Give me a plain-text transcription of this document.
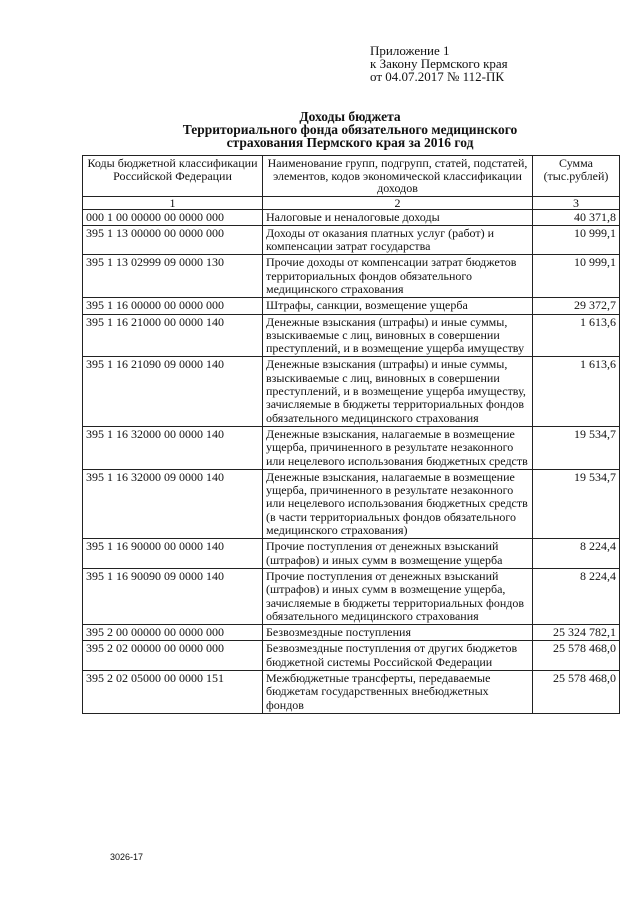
Приложение 1
к Закону Пермского края
от 04.07.2017 № 112-ПК
Доходы бюджета
Территориального фонда обязательного медицинского
страхования Пермского края за 2016 год
Коды бюджетной классификации Российской Федерации	Наименование групп, подгрупп, статей, подстатей, элементов, кодов экономической классификации доходов	Сумма (тыс.рублей)
1	2	3
000 1 00 00000 00 0000 000	Налоговые и неналоговые доходы	40 371,8
395 1 13 00000 00 0000 000	Доходы от оказания платных услуг (работ) и компенсации затрат государства	10 999,1
395 1 13 02999 09 0000 130	Прочие доходы от компенсации затрат бюджетов территориальных фондов обязательного медицинского страхования	10 999,1
395 1 16 00000 00 0000 000	Штрафы, санкции, возмещение ущерба	29 372,7
395 1 16 21000 00 0000 140	Денежные взыскания (штрафы) и иные суммы, взыскиваемые с лиц, виновных в совершении преступлений, и в возмещение ущерба имуществу	1 613,6
395 1 16 21090 09 0000 140	Денежные взыскания (штрафы) и иные суммы, взыскиваемые с лиц, виновных в совершении преступлений, и в возмещение ущерба имуществу, зачисляемые в бюджеты территориальных фондов обязательного медицинского страхования	1 613,6
395 1 16 32000 00 0000 140	Денежные взыскания, налагаемые в возмещение ущерба, причиненного в результате незаконного или нецелевого использования бюджетных средств	19 534,7
395 1 16 32000 09 0000 140	Денежные взыскания, налагаемые в возмещение ущерба, причиненного в результате незаконного или нецелевого использования бюджетных средств (в части территориальных фондов обязательного медицинского страхования)	19 534,7
395 1 16 90000 00 0000 140	Прочие поступления от денежных взысканий (штрафов) и иных сумм в возмещение ущерба	8 224,4
395 1 16 90090 09 0000 140	Прочие поступления от денежных взысканий (штрафов) и иных сумм в возмещение ущерба, зачисляемые в бюджеты территориальных фондов обязательного медицинского страхования	8 224,4
395 2 00 00000 00 0000 000	Безвозмездные поступления	25 324 782,1
395 2 02 00000 00 0000 000	Безвозмездные поступления от других бюджетов бюджетной системы Российской Федерации	25 578 468,0
395 2 02 05000 00 0000 151	Межбюджетные трансферты, передаваемые бюджетам государственных внебюджетных фондов	25 578 468,0
3026-17
